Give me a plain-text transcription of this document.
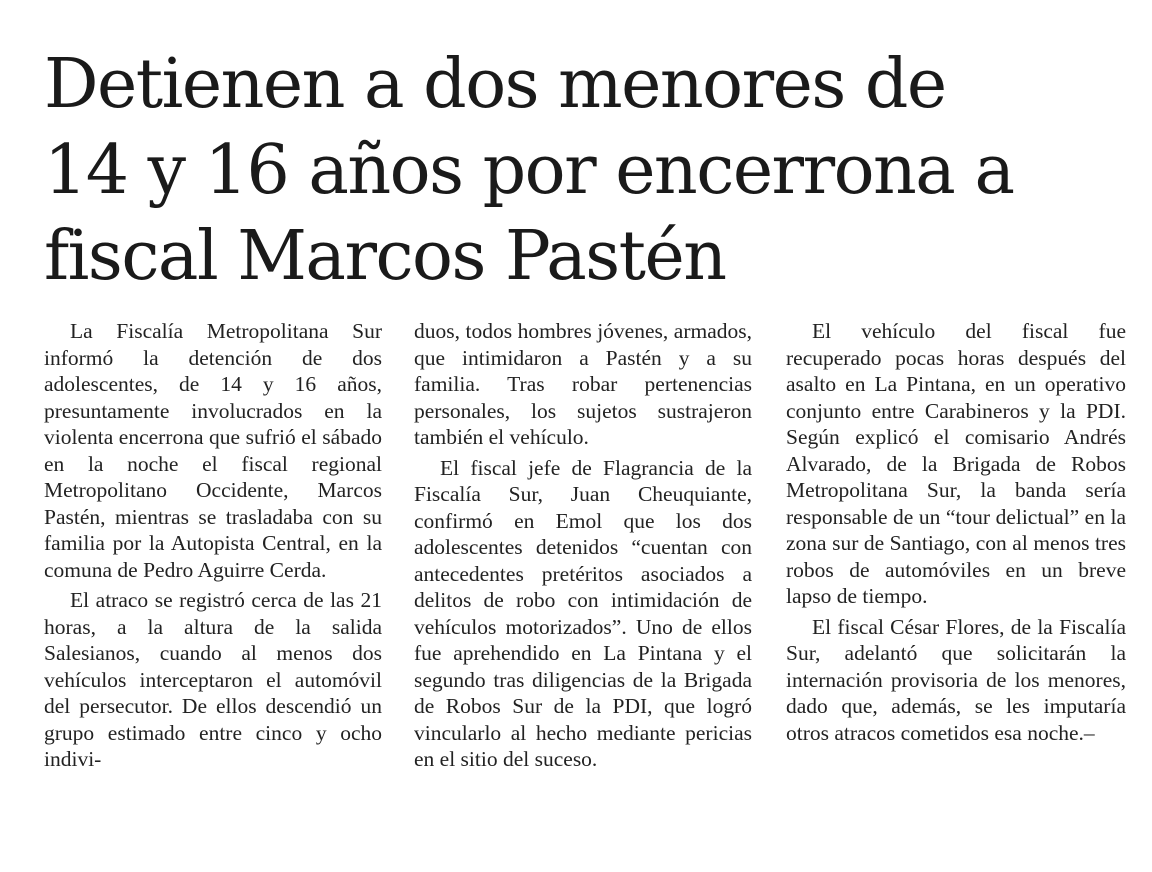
Detienen a dos menores de
14 y 16 años por encerrona a
fiscal Marcos Pastén

La Fiscalía Metropolitana Sur informó la detención de dos adolescentes, de 14 y 16 años, presuntamente involucrados en la violenta encerrona que sufrió el sábado en la noche el fiscal regional Metropolitano Occidente, Marcos Pastén, mientras se trasladaba con su familia por la Autopista Central, en la comuna de Pedro Aguirre Cerda.

El atraco se registró cerca de las 21 horas, a la altura de la salida Salesianos, cuando al menos dos vehículos interceptaron el automóvil del persecutor. De ellos descendió un grupo estimado entre cinco y ocho indivi-

duos, todos hombres jóvenes, armados, que intimidaron a Pastén y a su familia. Tras robar pertenencias personales, los sujetos sustrajeron también el vehículo.

El fiscal jefe de Flagrancia de la Fiscalía Sur, Juan Cheuquiante, confirmó en Emol que los dos adolescentes detenidos “cuentan con antecedentes pretéritos asociados a delitos de robo con intimidación de vehículos motorizados”. Uno de ellos fue aprehendido en La Pintana y el segundo tras diligencias de la Brigada de Robos Sur de la PDI, que logró vincularlo al hecho mediante pericias en el sitio del suceso.

El vehículo del fiscal fue recuperado pocas horas después del asalto en La Pintana, en un operativo conjunto entre Carabineros y la PDI. Según explicó el comisario Andrés Alvarado, de la Brigada de Robos Metropolitana Sur, la banda sería responsable de un “tour delictual” en la zona sur de Santiago, con al menos tres robos de automóviles en un breve lapso de tiempo.

El fiscal César Flores, de la Fiscalía Sur, adelantó que solicitarán la internación provisoria de los menores, dado que, además, se les imputaría otros atracos cometidos esa noche.–
